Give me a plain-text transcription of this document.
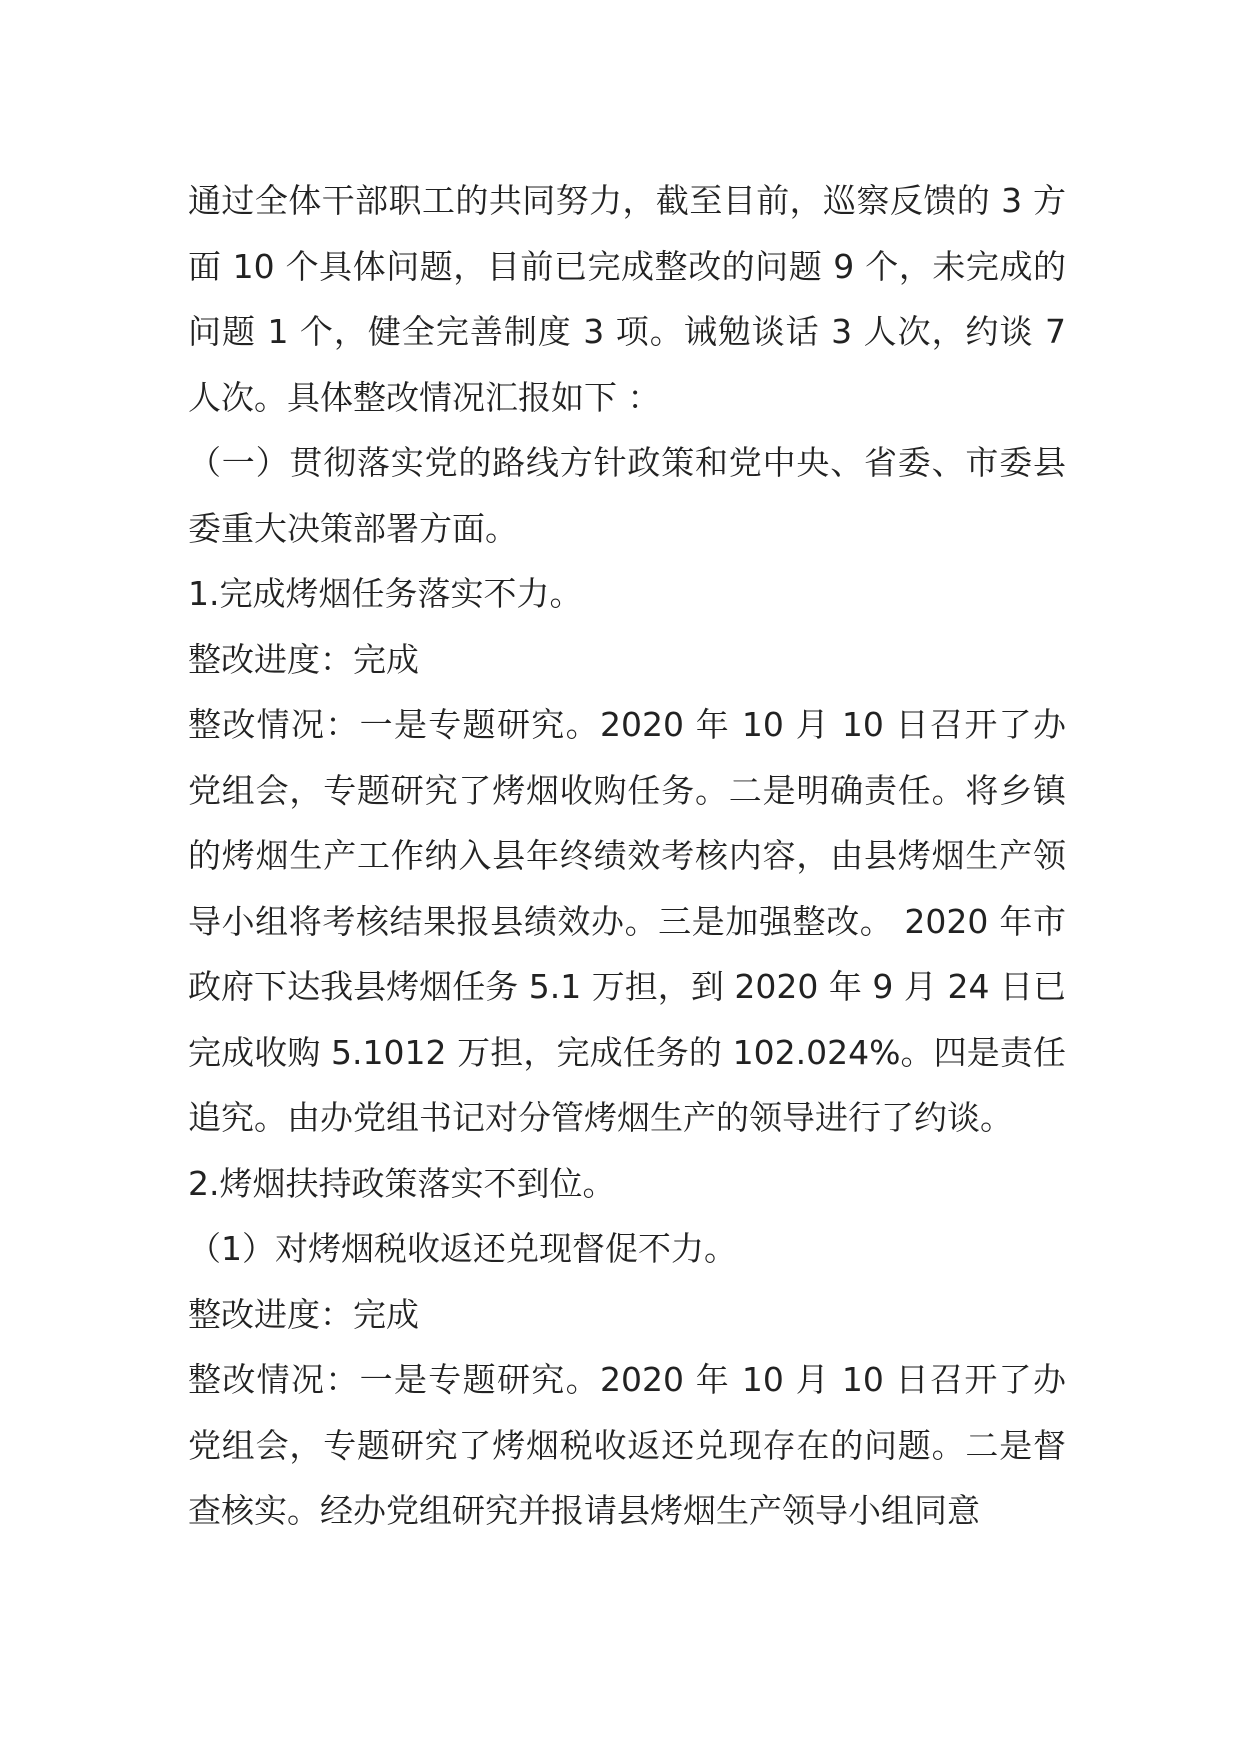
通过全体干部职工的共同努力，截至目前，巡察反馈的 3 方面 10 个具体问题，目前已完成整改的问题 9 个，未完成的问题 1 个，健全完善制度 3 项。诫勉谈话 3 人次，约谈 7 人次。具体整改情况汇报如下 ：

（一）贯彻落实党的路线方针政策和党中央、省委、市委县委重大决策部署方面。

1.完成烤烟任务落实不力。

整改进度：完成

整改情况：一是专题研究。2020 年 10 月 10 日召开了办党组会，专题研究了烤烟收购任务。二是明确责任。将乡镇的烤烟生产工作纳入县年终绩效考核内容，由县烤烟生产领导小组将考核结果报县绩效办。三是加强整改。 2020 年市政府下达我县烤烟任务 5.1 万担，到 2020 年 9 月 24 日已完成收购 5.1012 万担，完成任务的 102.024%。四是责任追究。由办党组书记对分管烤烟生产的领导进行了约谈。

2.烤烟扶持政策落实不到位。

（1）对烤烟税收返还兑现督促不力。

整改进度：完成

整改情况：一是专题研究。2020 年 10 月 10 日召开了办党组会，专题研究了烤烟税收返还兑现存在的问题。二是督查核实。经办党组研究并报请县烤烟生产领导小组同意
